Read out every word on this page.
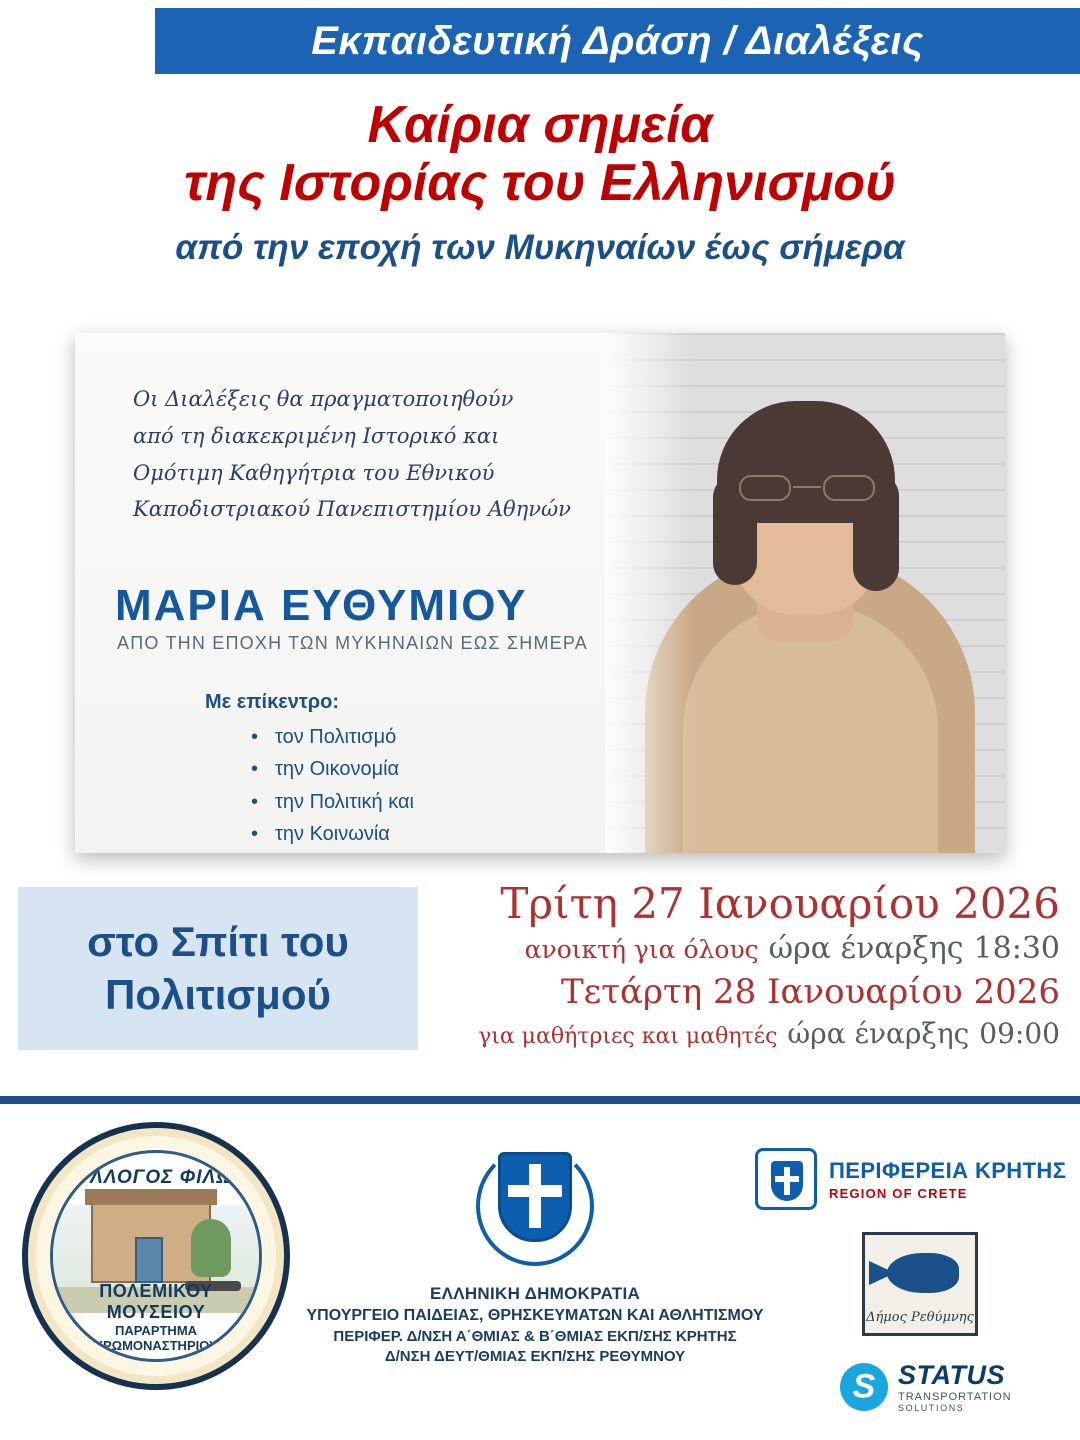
Εκπαιδευτική Δράση / Διαλέξεις
Καίρια σημεία
της Ιστορίας του Ελληνισμού
από την εποχή των Μυκηναίων έως σήμερα
Οι Διαλέξεις θα πραγματοποιηθούν
από τη διακεκριμένη Ιστορικό και
Ομότιμη Καθηγήτρια του Εθνικού
Καποδιστριακού Πανεπιστημίου Αθηνών
ΜΑΡΙΑ ΕΥΘΥΜΙΟΥ
ΑΠΟ ΤΗΝ ΕΠΟΧΗ ΤΩΝ ΜΥΚΗΝΑΙΩΝ ΕΩΣ ΣΗΜΕΡΑ
Με επίκεντρο:
• τον Πολιτισμό
• την Οικονομία
• την Πολιτική και
• την Κοινωνία
στο Σπίτι του
Πολιτισμού
Τρίτη 27 Ιανουαρίου 2026
ανοικτή για όλους ώρα έναρξης 18:30
Τετάρτη 28 Ιανουαρίου 2026
για μαθήτριες και μαθητές ώρα έναρξης 09:00
ΣΥΛΛΟΓΟΣ ΦΙΛΩΝ
ΠΟΛΕΜΙΚΟΥ ΜΟΥΣΕΙΟΥ
ΠΑΡΑΡΤΗΜΑ
ΧΡΩΜΟΝΑΣΤΗΡΙΟΥ
ΕΛΛΗΝΙΚΗ ΔΗΜΟΚΡΑΤΙΑ
ΥΠΟΥΡΓΕΙΟ ΠΑΙΔΕΙΑΣ, ΘΡΗΣΚΕΥΜΑΤΩΝ ΚΑΙ ΑΘΛΗΤΙΣΜΟΥ
ΠΕΡΙΦΕΡ. Δ/ΝΣΗ Α΄ΘΜΙΑΣ & Β΄ΘΜΙΑΣ ΕΚΠ/ΣΗΣ ΚΡΗΤΗΣ
Δ/ΝΣΗ ΔΕΥΤ/ΘΜΙΑΣ ΕΚΠ/ΣΗΣ ΡΕΘΥΜΝΟΥ
ΠΕΡΙΦΕΡΕΙΑ ΚΡΗΤΗΣ
REGION OF CRETE
Δήμος Ρεθύμνης
S
STATUS
TRANSPORTATION
SOLUTIONS
